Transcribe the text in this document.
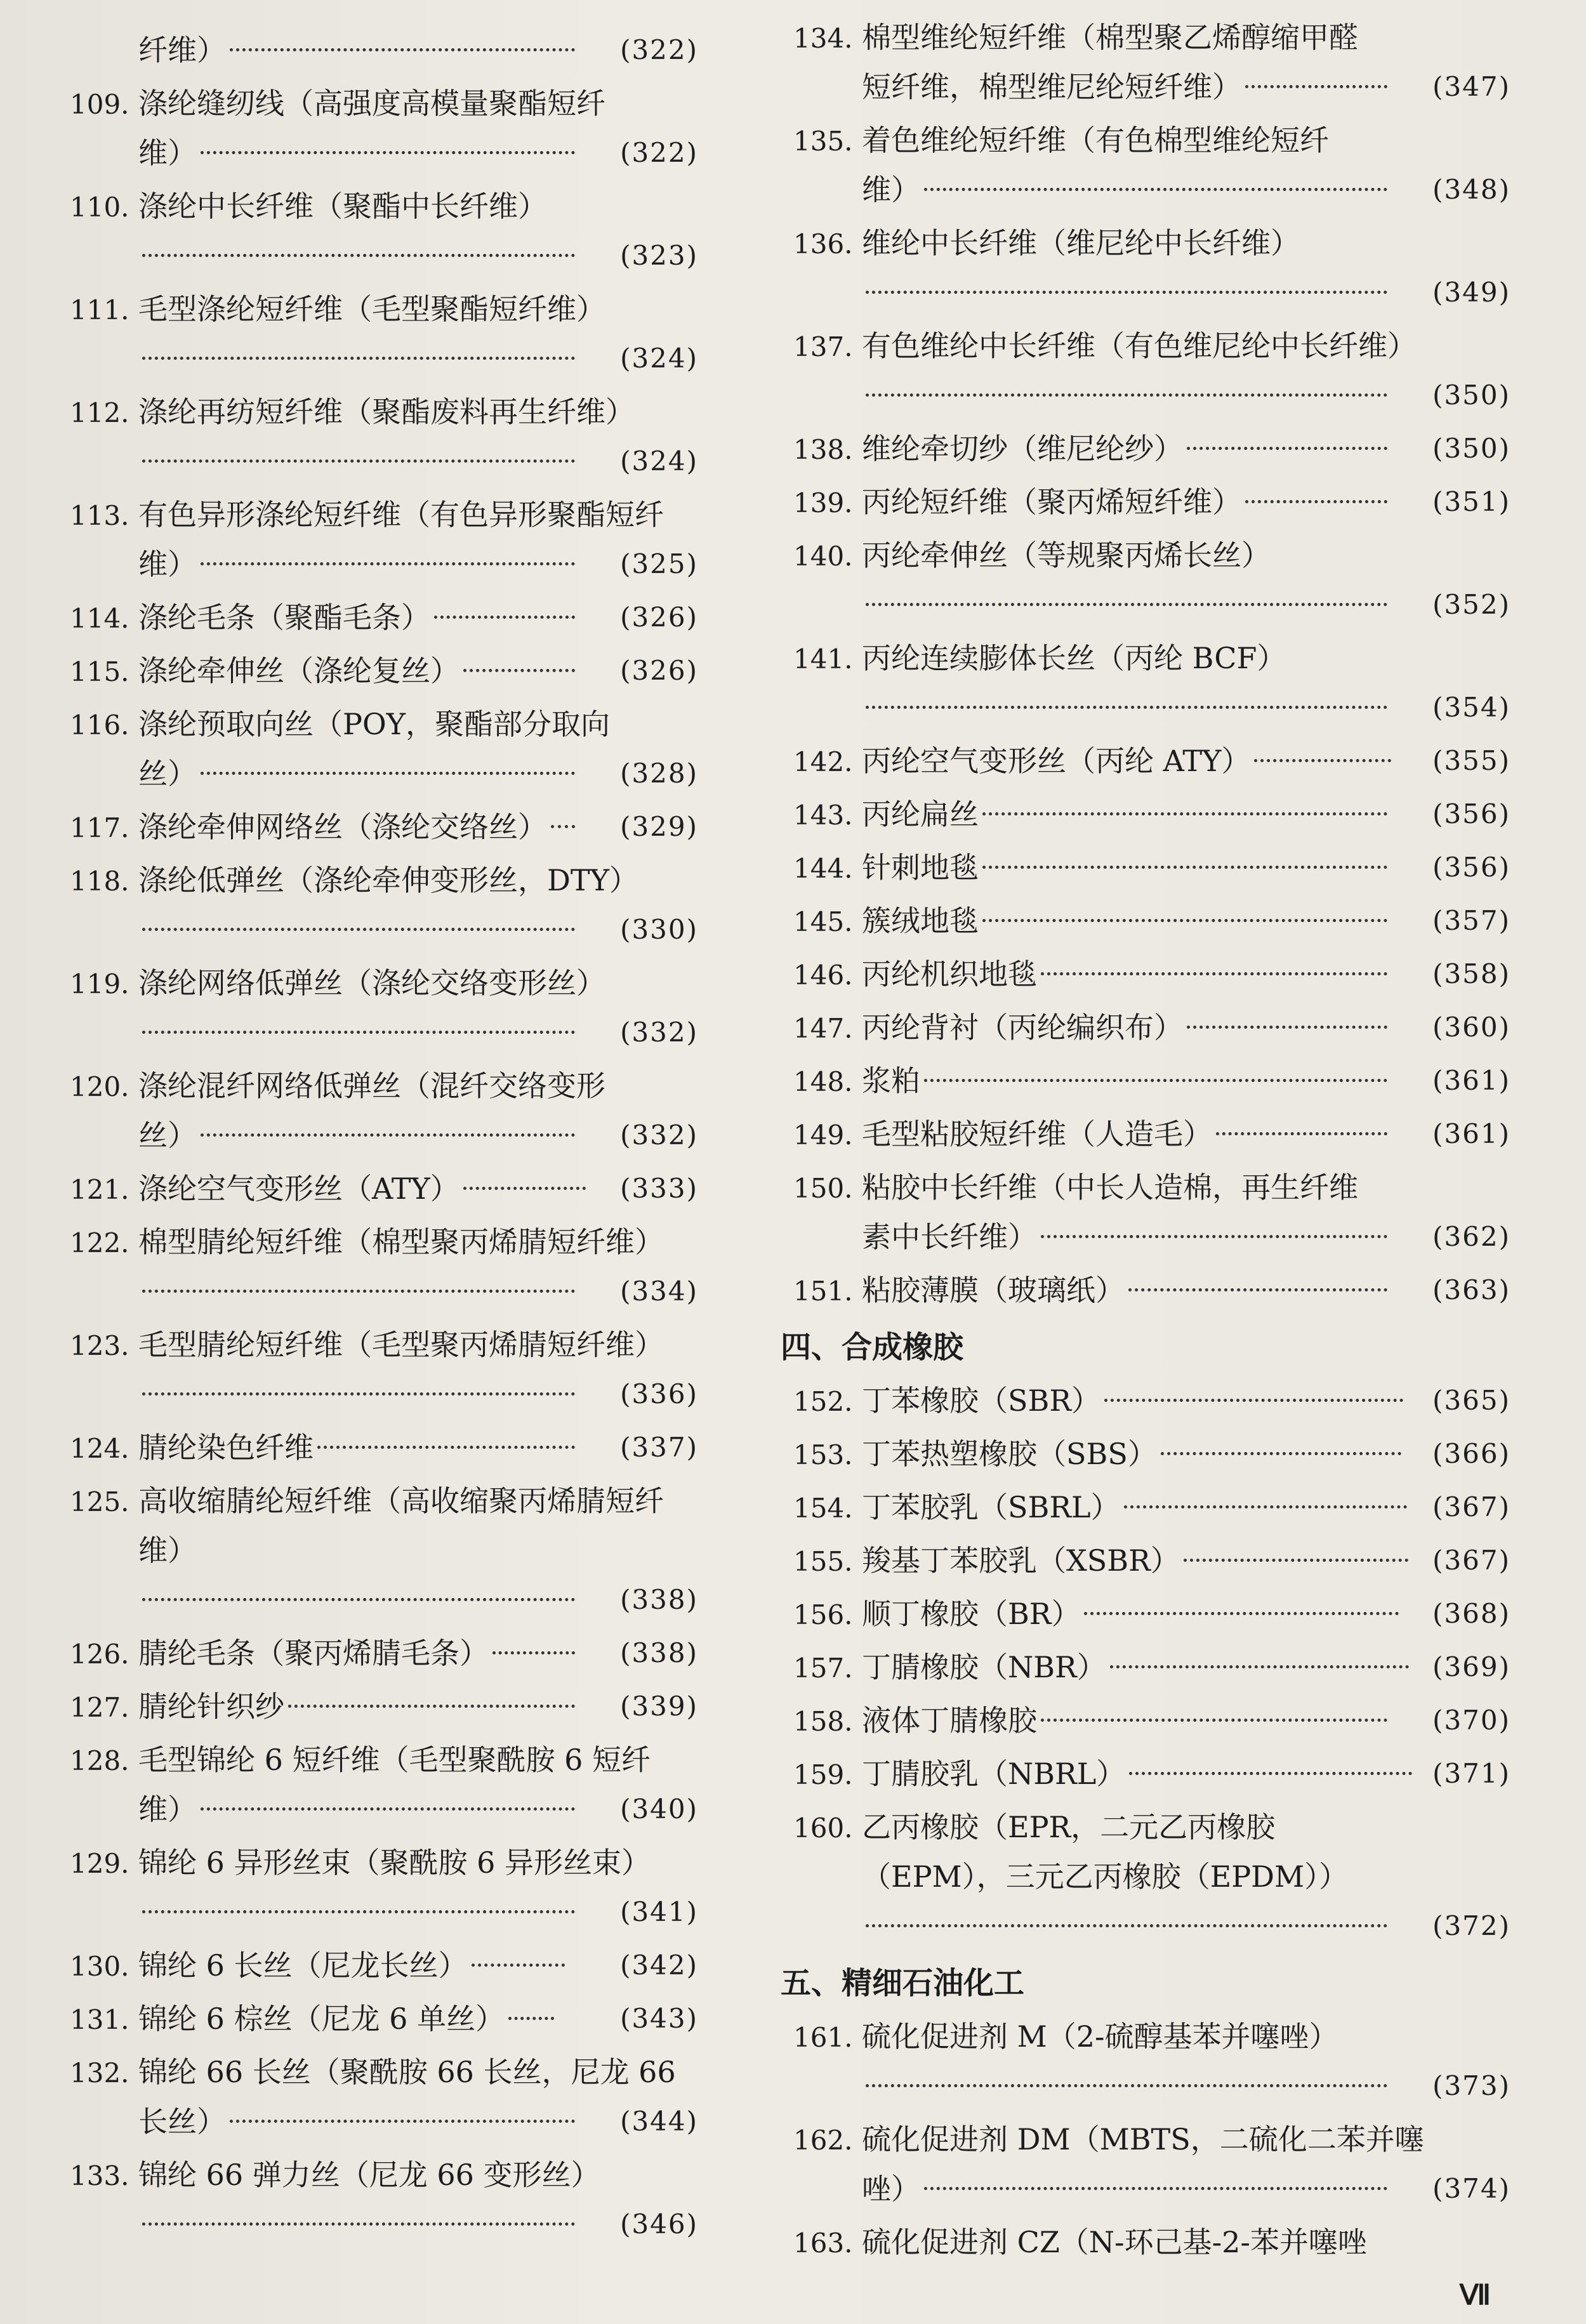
纤维）	(322)
109. 涤纶缝纫线（高强度高模量聚酯短纤
维）	(322)
110. 涤纶中长纤维（聚酯中长纤维）
(323)
111. 毛型涤纶短纤维（毛型聚酯短纤维）
(324)
112. 涤纶再纺短纤维（聚酯废料再生纤维）
(324)
113. 有色异形涤纶短纤维（有色异形聚酯短纤
维）	(325)
114. 涤纶毛条（聚酯毛条）	(326)
115. 涤纶牵伸丝（涤纶复丝）	(326)
116. 涤纶预取向丝（POY，聚酯部分取向
丝）	(328)
117. 涤纶牵伸网络丝（涤纶交络丝）	(329)
118. 涤纶低弹丝（涤纶牵伸变形丝，DTY）
(330)
119. 涤纶网络低弹丝（涤纶交络变形丝）
(332)
120. 涤纶混纤网络低弹丝（混纤交络变形
丝）	(332)
121. 涤纶空气变形丝（ATY）	(333)
122. 棉型腈纶短纤维（棉型聚丙烯腈短纤维）
(334)
123. 毛型腈纶短纤维（毛型聚丙烯腈短纤维）
(336)
124. 腈纶染色纤维	(337)
125. 高收缩腈纶短纤维（高收缩聚丙烯腈短纤
维）
(338)
126. 腈纶毛条（聚丙烯腈毛条）	(338)
127. 腈纶针织纱	(339)
128. 毛型锦纶 6 短纤维（毛型聚酰胺 6 短纤
维）	(340)
129. 锦纶 6 异形丝束（聚酰胺 6 异形丝束）
(341)
130. 锦纶 6 长丝（尼龙长丝）	(342)
131. 锦纶 6 棕丝（尼龙 6 单丝）	(343)
132. 锦纶 66 长丝（聚酰胺 66 长丝，尼龙 66
长丝）	(344)
133. 锦纶 66 弹力丝（尼龙 66 变形丝）
(346)
134. 棉型维纶短纤维（棉型聚乙烯醇缩甲醛
短纤维，棉型维尼纶短纤维）	(347)
135. 着色维纶短纤维（有色棉型维纶短纤
维）	(348)
136. 维纶中长纤维（维尼纶中长纤维）
(349)
137. 有色维纶中长纤维（有色维尼纶中长纤维）
(350)
138. 维纶牵切纱（维尼纶纱）	(350)
139. 丙纶短纤维（聚丙烯短纤维）	(351)
140. 丙纶牵伸丝（等规聚丙烯长丝）
(352)
141. 丙纶连续膨体长丝（丙纶 BCF）
(354)
142. 丙纶空气变形丝（丙纶 ATY）	(355)
143. 丙纶扁丝	(356)
144. 针刺地毯	(356)
145. 簇绒地毯	(357)
146. 丙纶机织地毯	(358)
147. 丙纶背衬（丙纶编织布）	(360)
148. 浆粕	(361)
149. 毛型粘胶短纤维（人造毛）	(361)
150. 粘胶中长纤维（中长人造棉，再生纤维
素中长纤维）	(362)
151. 粘胶薄膜（玻璃纸）	(363)
四、合成橡胶
152. 丁苯橡胶（SBR）	(365)
153. 丁苯热塑橡胶（SBS）	(366)
154. 丁苯胶乳（SBRL）	(367)
155. 羧基丁苯胶乳（XSBR）	(367)
156. 顺丁橡胶（BR）	(368)
157. 丁腈橡胶（NBR）	(369)
158. 液体丁腈橡胶	(370)
159. 丁腈胶乳（NBRL）	(371)
160. 乙丙橡胶（EPR，二元乙丙橡胶
（EPM），三元乙丙橡胶（EPDM））
(372)
五、精细石油化工
161. 硫化促进剂 M（2-硫醇基苯并噻唑）
(373)
162. 硫化促进剂 DM（MBTS，二硫化二苯并噻
唑）	(374)
163. 硫化促进剂 CZ（N-环己基-2-苯并噻唑
Ⅶ
